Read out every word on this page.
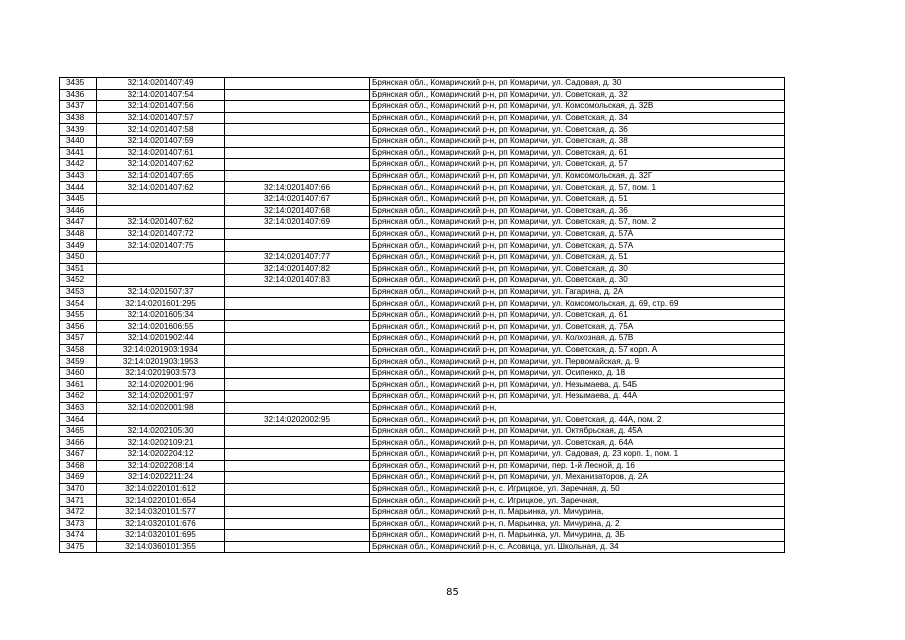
3435	32:14:0201407:49		Брянская обл., Комаричский р-н, рп Комаричи, ул. Садовая, д. 30
3436	32:14:0201407:54		Брянская обл., Комаричский р-н, рп Комаричи, ул. Советская, д. 32
3437	32:14:0201407:56		Брянская обл., Комаричский р-н, рп Комаричи, ул. Комсомольская, д. 32В
3438	32:14:0201407:57		Брянская обл., Комаричский р-н, рп Комаричи, ул. Советская, д. 34
3439	32:14:0201407:58		Брянская обл., Комаричский р-н, рп Комаричи, ул. Советская, д. 36
3440	32:14:0201407:59		Брянская обл., Комаричский р-н, рп Комаричи, ул. Советская, д. 38
3441	32:14:0201407:61		Брянская обл., Комаричский р-н, рп Комаричи, ул. Советская, д. 61
3442	32:14:0201407:62		Брянская обл., Комаричский р-н, рп Комаричи, ул. Советская, д. 57
3443	32:14:0201407:65		Брянская обл., Комаричский р-н, рп Комаричи, ул. Комсомольская, д. 32Г
3444	32:14:0201407:62	32:14:0201407:66	Брянская обл., Комаричский р-н, рп Комаричи, ул. Советская, д. 57, пом. 1
3445		32:14:0201407:67	Брянская обл., Комаричский р-н, рп Комаричи, ул. Советская, д. 51
3446		32:14:0201407:68	Брянская обл., Комаричский р-н, рп Комаричи, ул. Советская, д. 36
3447	32:14:0201407:62	32:14:0201407:69	Брянская обл., Комаричский р-н, рп Комаричи, ул. Советская, д. 57, пом. 2
3448	32:14:0201407:72		Брянская обл., Комаричский р-н, рп Комаричи, ул. Советская, д. 57А
3449	32:14:0201407:75		Брянская обл., Комаричский р-н, рп Комаричи, ул. Советская, д. 57А
3450		32:14:0201407:77	Брянская обл., Комаричский р-н, рп Комаричи, ул. Советская, д. 51
3451		32:14:0201407:82	Брянская обл., Комаричский р-н, рп Комаричи, ул. Советская, д. 30
3452		32:14:0201407:83	Брянская обл., Комаричский р-н, рп Комаричи, ул. Советская, д. 30
3453	32:14:0201507:37		Брянская обл., Комаричский р-н, рп Комаричи, ул. Гагарина, д. 2А
3454	32:14:0201601:295		Брянская обл., Комаричский р-н, рп Комаричи, ул. Комсомольская, д. 69, стр. 69
3455	32:14:0201605:34		Брянская обл., Комаричский р-н, рп Комаричи, ул. Советская, д. 61
3456	32:14:0201606:55		Брянская обл., Комаричский р-н, рп Комаричи, ул. Советская, д. 75А
3457	32:14:0201902:44		Брянская обл., Комаричский р-н, рп Комаричи, ул. Колхозная, д. 57В
3458	32:14:0201903:1934		Брянская обл., Комаричский р-н, рп Комаричи, ул. Советская, д. 57 корп. А
3459	32:14:0201903:1953		Брянская обл., Комаричский р-н, рп Комаричи, ул. Первомайская, д. 9
3460	32:14:0201903:573		Брянская обл., Комаричский р-н, рп Комаричи, ул. Осипенко, д. 18
3461	32:14:0202001:96		Брянская обл., Комаричский р-н, рп Комаричи, ул. Незымаева, д. 54Б
3462	32:14:0202001:97		Брянская обл., Комаричский р-н, рп Комаричи, ул. Незымаева, д. 44А
3463	32:14:0202001:98		Брянская обл., Комаричский р-н,
3464		32:14:0202002:95	Брянская обл., Комаричский р-н, рп Комаричи, ул. Советская, д. 44А, пом. 2
3465	32:14:0202105:30		Брянская обл., Комаричский р-н, рп Комаричи, ул. Октябрьская, д. 45А
3466	32:14:0202109:21		Брянская обл., Комаричский р-н, рп Комаричи, ул. Советская, д. 64А
3467	32:14:0202204:12		Брянская обл., Комаричский р-н, рп Комаричи, ул. Садовая, д. 23 корп. 1, пом. 1
3468	32:14:0202208:14		Брянская обл., Комаричский р-н, рп Комаричи, пер. 1-й Лесной, д. 16
3469	32:14:0202211:24		Брянская обл., Комаричский р-н, рп Комаричи, ул. Механизаторов, д. 2А
3470	32:14:0220101:612		Брянская обл., Комаричский р-н, с. Игрицкое, ул. Заречная, д. 50
3471	32:14:0220101:654		Брянская обл., Комаричский р-н, с. Игрицкое, ул. Заречная,
3472	32:14:0320101:577		Брянская обл., Комаричский р-н, п. Марьинка, ул. Мичурина,
3473	32:14:0320101:676		Брянская обл., Комаричский р-н, п. Марьинка, ул. Мичурина, д. 2
3474	32:14:0320101:695		Брянская обл., Комаричский р-н, п. Марьинка, ул. Мичурина, д. 3Б
3475	32:14:0360101:355		Брянская обл., Комаричский р-н, с. Асовица, ул. Школьная, д. 34
85
